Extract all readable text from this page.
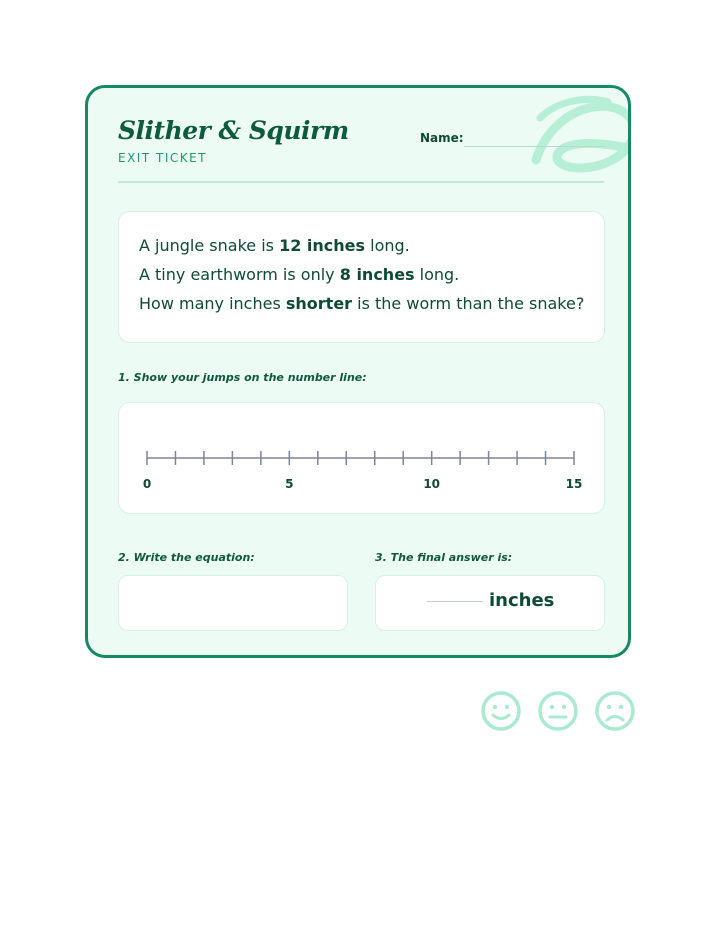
Slither & Squirm
EXIT TICKET
Name:
A jungle snake is 12 inches long.
A tiny earthworm is only 8 inches long.
How many inches shorter is the worm than the snake?
1. Show your jumps on the number line:
0	5	10	15
2. Write the equation:	3. The final answer is:
inches
